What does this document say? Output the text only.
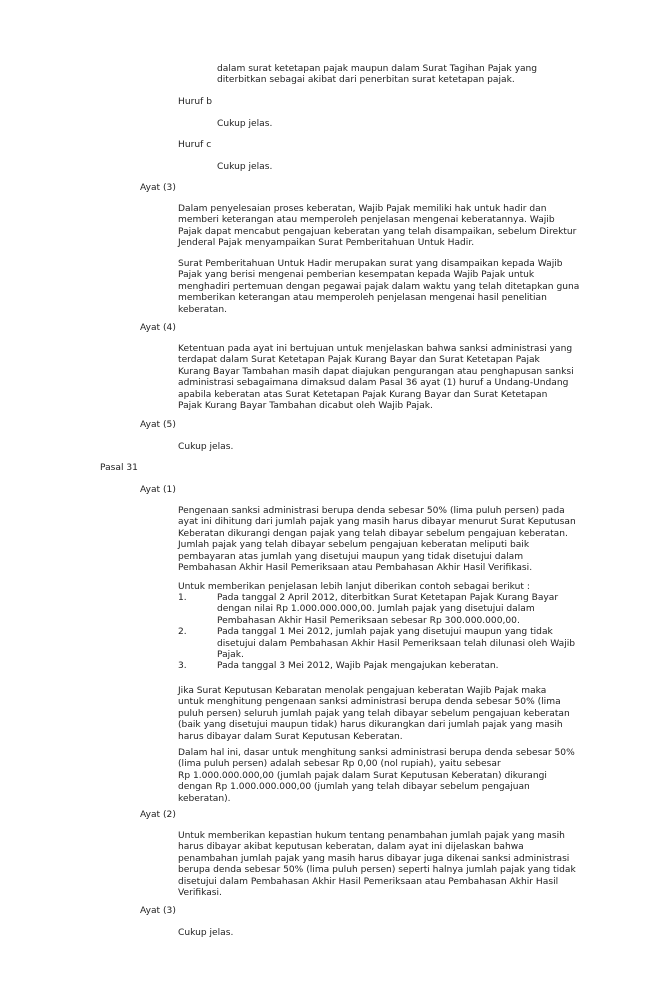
dalam surat ketetapan pajak maupun dalam Surat Tagihan Pajak yang
diterbitkan sebagai akibat dari penerbitan surat ketetapan pajak.
Huruf b
Cukup jelas.
Huruf c
Cukup jelas.
Ayat (3)
Dalam penyelesaian proses keberatan, Wajib Pajak memiliki hak untuk hadir dan
memberi keterangan atau memperoleh penjelasan mengenai keberatannya. Wajib
Pajak dapat mencabut pengajuan keberatan yang telah disampaikan, sebelum Direktur
Jenderal Pajak menyampaikan Surat Pemberitahuan Untuk Hadir.
Surat Pemberitahuan Untuk Hadir merupakan surat yang disampaikan kepada Wajib
Pajak yang berisi mengenai pemberian kesempatan kepada Wajib Pajak untuk
menghadiri pertemuan dengan pegawai pajak dalam waktu yang telah ditetapkan guna
memberikan keterangan atau memperoleh penjelasan mengenai hasil penelitian
keberatan.
Ayat (4)
Ketentuan pada ayat ini bertujuan untuk menjelaskan bahwa sanksi administrasi yang
terdapat dalam Surat Ketetapan Pajak Kurang Bayar dan Surat Ketetapan Pajak
Kurang Bayar Tambahan masih dapat diajukan pengurangan atau penghapusan sanksi
administrasi sebagaimana dimaksud dalam Pasal 36 ayat (1) huruf a Undang-Undang
apabila keberatan atas Surat Ketetapan Pajak Kurang Bayar dan Surat Ketetapan
Pajak Kurang Bayar Tambahan dicabut oleh Wajib Pajak.
Ayat (5)
Cukup jelas.
Pasal 31
Ayat (1)
Pengenaan sanksi administrasi berupa denda sebesar 50% (lima puluh persen) pada
ayat ini dihitung dari jumlah pajak yang masih harus dibayar menurut Surat Keputusan
Keberatan dikurangi dengan pajak yang telah dibayar sebelum pengajuan keberatan.
Jumlah pajak yang telah dibayar sebelum pengajuan keberatan meliputi baik
pembayaran atas jumlah yang disetujui maupun yang tidak disetujui dalam
Pembahasan Akhir Hasil Pemeriksaan atau Pembahasan Akhir Hasil Verifikasi.
Untuk memberikan penjelasan lebih lanjut diberikan contoh sebagai berikut :
1.	Pada tanggal 2 April 2012, diterbitkan Surat Ketetapan Pajak Kurang Bayar
dengan nilai Rp 1.000.000.000,00. Jumlah pajak yang disetujui dalam
Pembahasan Akhir Hasil Pemeriksaan sebesar Rp 300.000.000,00.
2.	Pada tanggal 1 Mei 2012, jumlah pajak yang disetujui maupun yang tidak
disetujui dalam Pembahasan Akhir Hasil Pemeriksaan telah dilunasi oleh Wajib
Pajak.
3.	Pada tanggal 3 Mei 2012, Wajib Pajak mengajukan keberatan.
Jika Surat Keputusan Kebaratan menolak pengajuan keberatan Wajib Pajak maka
untuk menghitung pengenaan sanksi administrasi berupa denda sebesar 50% (lima
puluh persen) seluruh jumlah pajak yang telah dibayar sebelum pengajuan keberatan
(baik yang disetujui maupun tidak) harus dikurangkan dari jumlah pajak yang masih
harus dibayar dalam Surat Keputusan Keberatan.
Dalam hal ini, dasar untuk menghitung sanksi administrasi berupa denda sebesar 50%
(lima puluh persen) adalah sebesar Rp 0,00 (nol rupiah), yaitu sebesar
Rp 1.000.000.000,00 (jumlah pajak dalam Surat Keputusan Keberatan) dikurangi
dengan Rp 1.000.000.000,00 (jumlah yang telah dibayar sebelum pengajuan
keberatan).
Ayat (2)
Untuk memberikan kepastian hukum tentang penambahan jumlah pajak yang masih
harus dibayar akibat keputusan keberatan, dalam ayat ini dijelaskan bahwa
penambahan jumlah pajak yang masih harus dibayar juga dikenai sanksi administrasi
berupa denda sebesar 50% (lima puluh persen) seperti halnya jumlah pajak yang tidak
disetujui dalam Pembahasan Akhir Hasil Pemeriksaan atau Pembahasan Akhir Hasil
Verifikasi.
Ayat (3)
Cukup jelas.
